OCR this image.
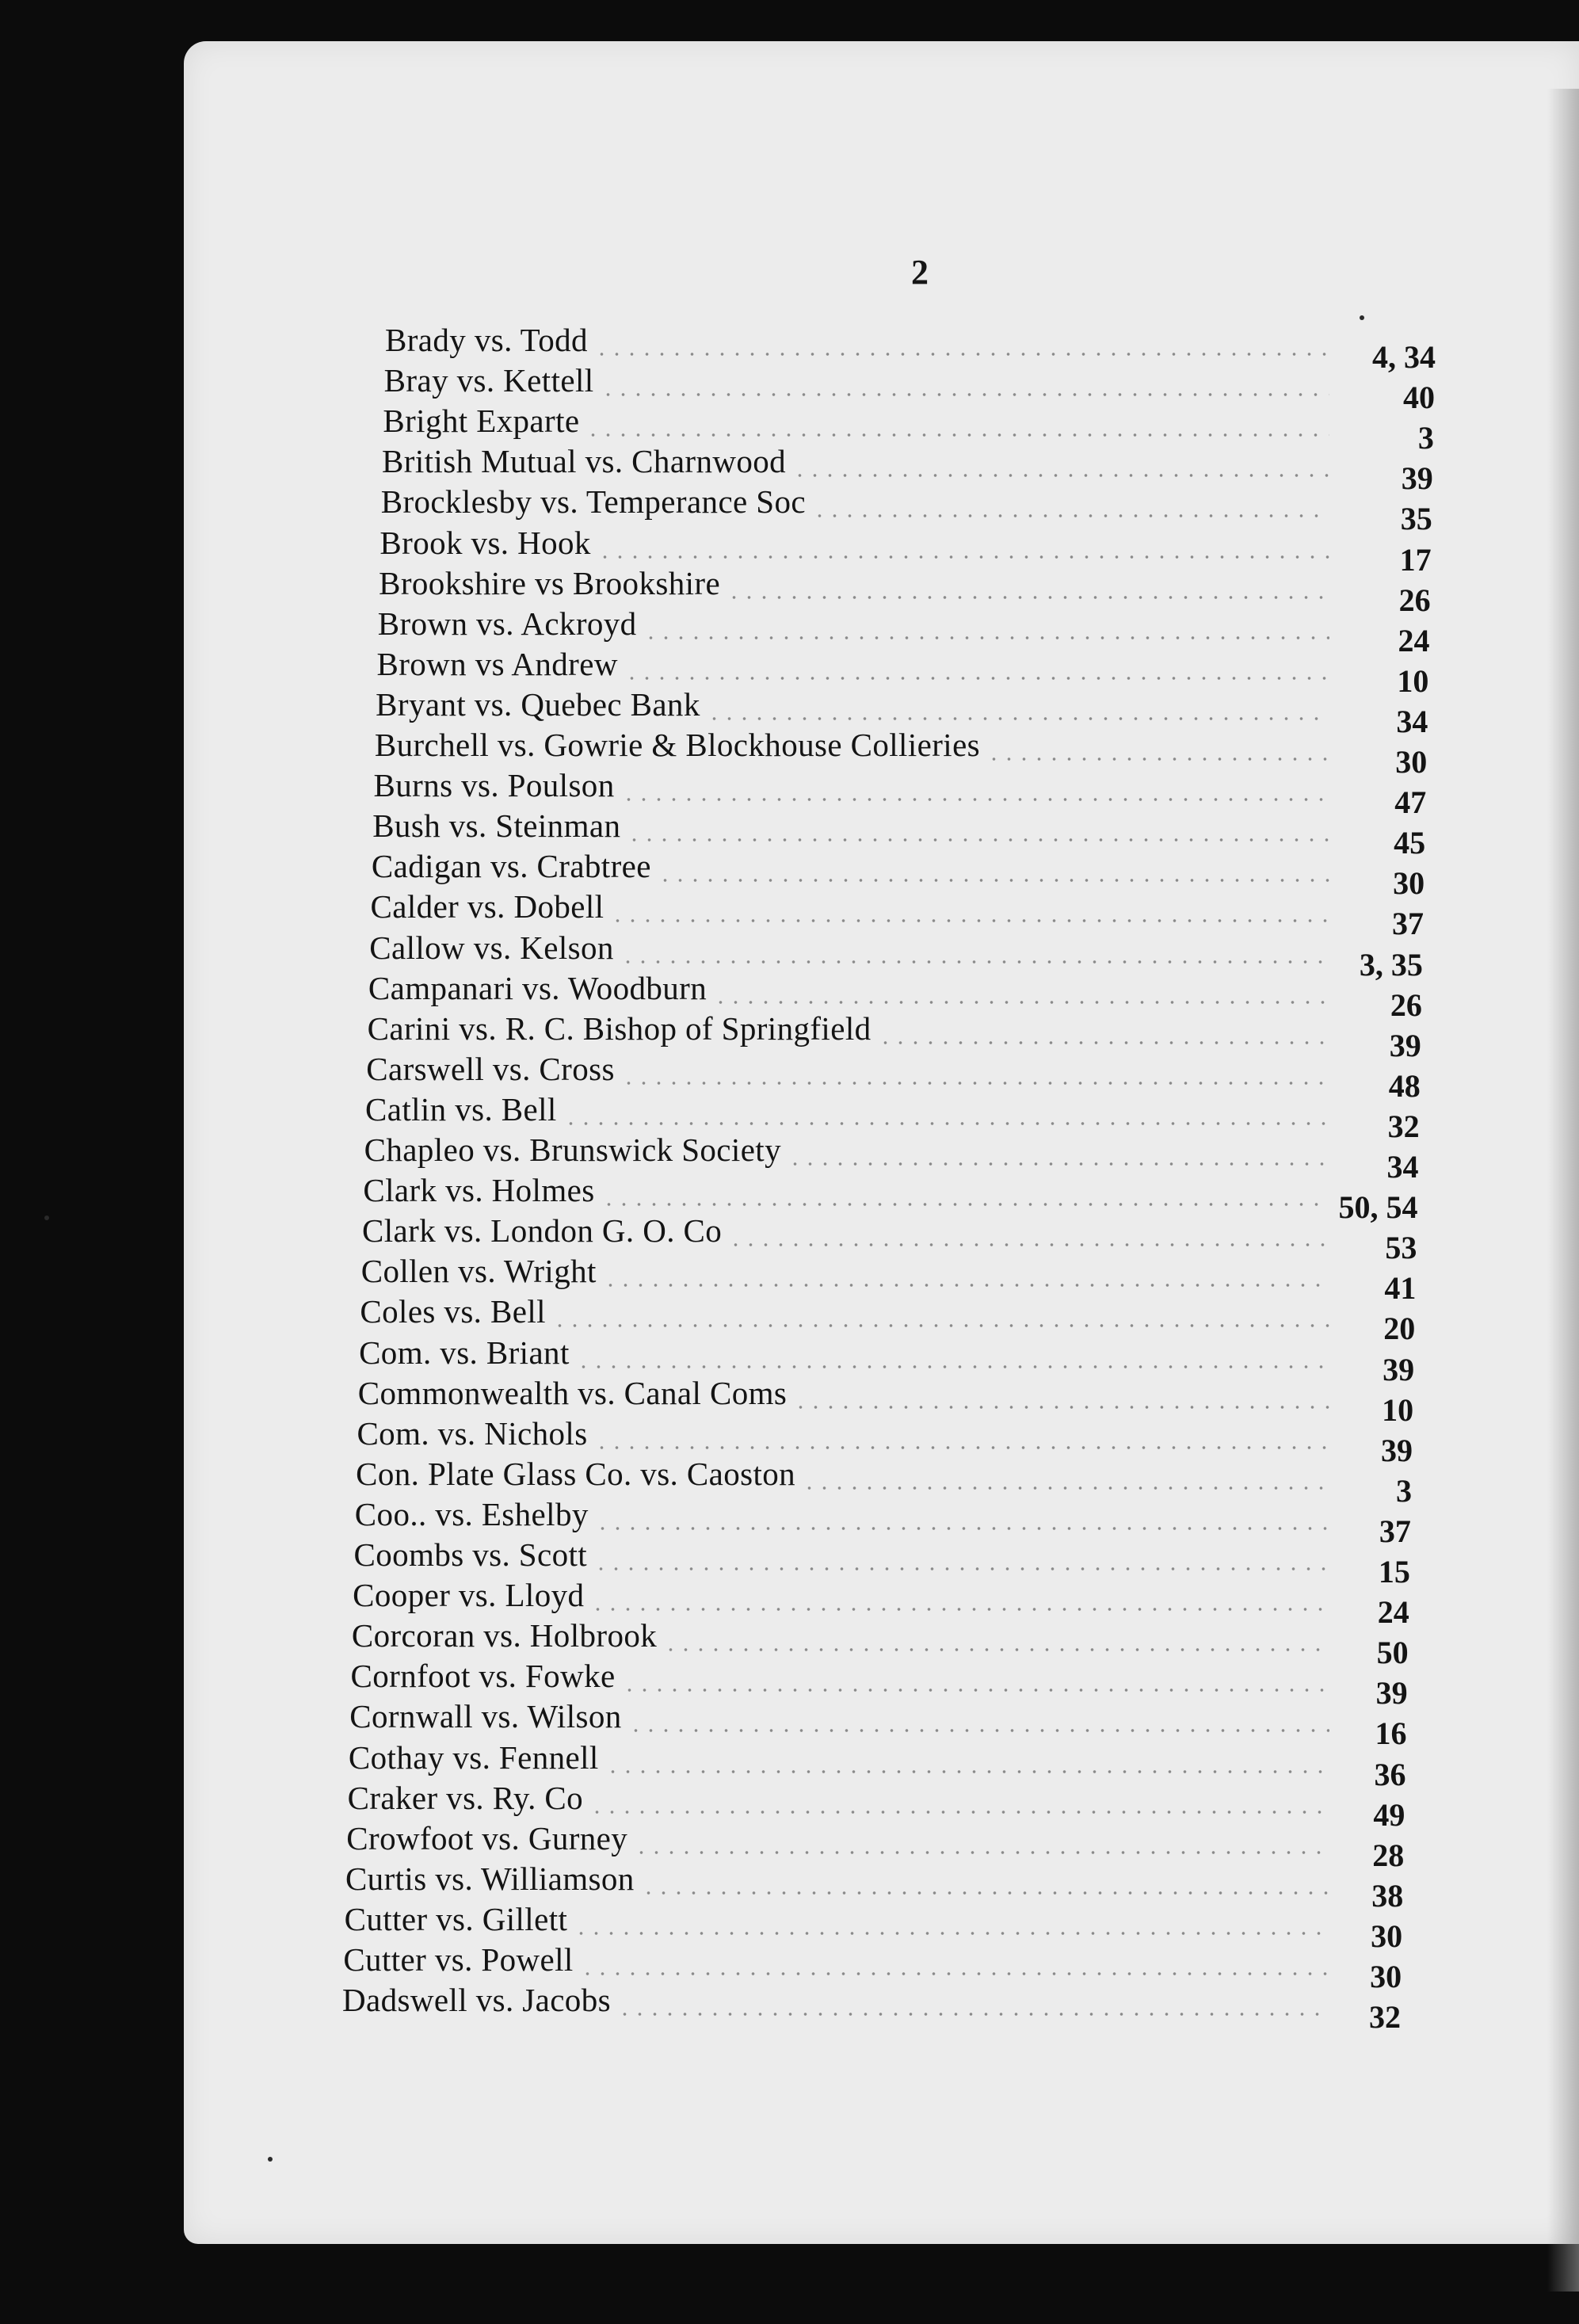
2
Brady vs. Todd	4, 34
Bray vs. Kettell	40
Bright Exparte	3
British Mutual vs. Charnwood	39
Brocklesby vs. Temperance Soc	35
Brook vs. Hook	17
Brookshire vs Brookshire	26
Brown vs. Ackroyd	24
Brown vs Andrew	10
Bryant vs. Quebec Bank	34
Burchell vs. Gowrie & Blockhouse Collieries	30
Burns vs. Poulson	47
Bush vs. Steinman	45
Cadigan vs. Crabtree	30
Calder vs. Dobell	37
Callow vs. Kelson	3, 35
Campanari vs. Woodburn	26
Carini vs. R. C. Bishop of Springfield	39
Carswell vs. Cross	48
Catlin vs. Bell	32
Chapleo vs. Brunswick Society	34
Clark vs. Holmes	50, 54
Clark vs. London G. O. Co	53
Collen vs. Wright	41
Coles vs. Bell	20
Com. vs. Briant	39
Commonwealth vs. Canal Coms	10
Com. vs. Nichols	39
Con. Plate Glass Co. vs. Caoston	3
Coo.. vs. Eshelby	37
Coombs vs. Scott	15
Cooper vs. Lloyd	24
Corcoran vs. Holbrook	50
Cornfoot vs. Fowke	39
Cornwall vs. Wilson	16
Cothay vs. Fennell	36
Craker vs. Ry. Co	49
Crowfoot vs. Gurney	28
Curtis vs. Williamson	38
Cutter vs. Gillett	30
Cutter vs. Powell	30
Dadswell vs. Jacobs	32
